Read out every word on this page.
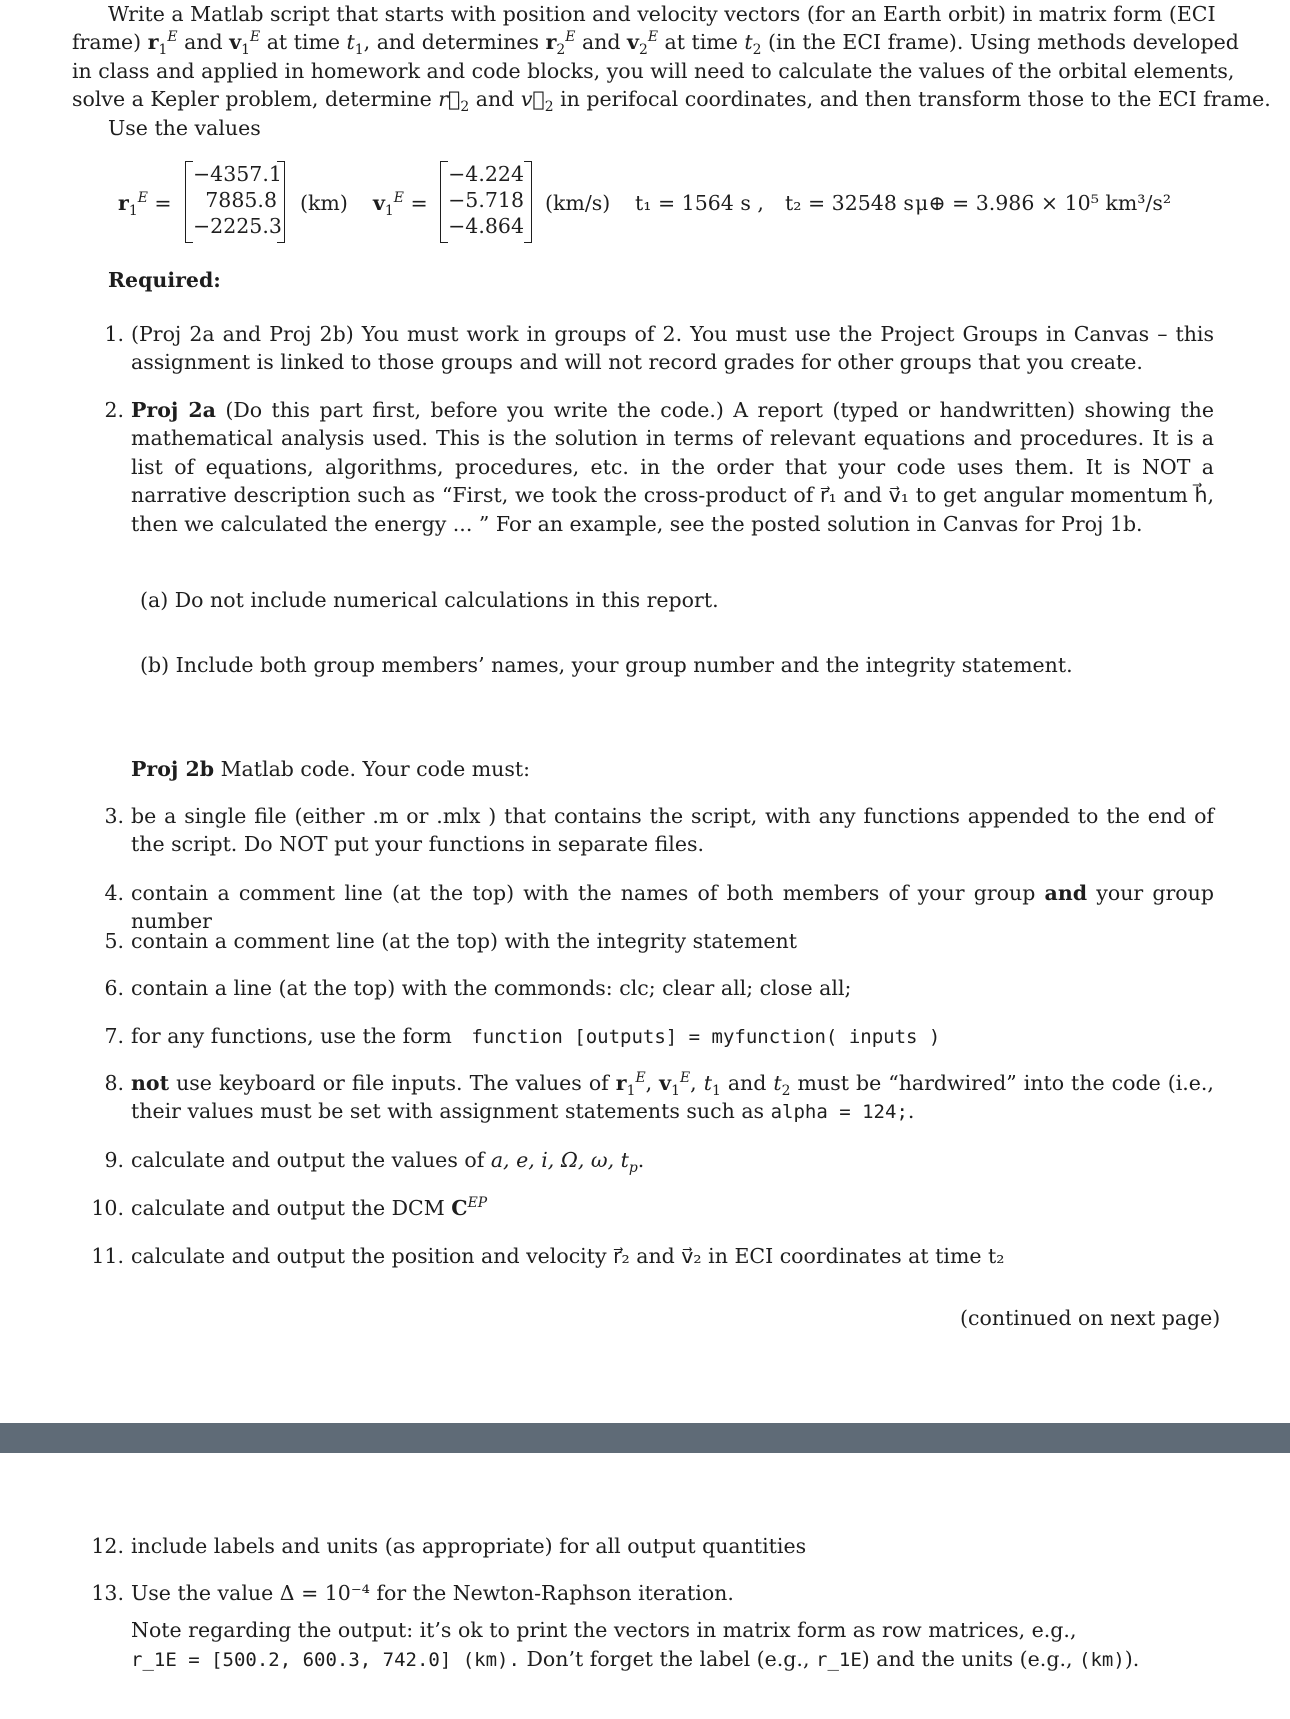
Write a Matlab script that starts with position and velocity vectors (for an Earth orbit) in matrix form (ECI
frame) $r_1^E$ and $v_1^E$ at time $t_1$, and determines $r_2^E$ and $v_2^E$ at time $t_2$ (in the ECI frame). Using methods developed
in class and applied in homework and code blocks, you will need to calculate the values of the orbital elements,
solve a Kepler problem, determine $r⃗_2$ and $v⃗_2$ in perifocal coordinates, and then transform those to the ECI frame.
Use the values
$r_1^E$ =
−4357.1
7885.8
−2225.3
(km) $v_1^E$ =
−4.224
−5.718
−4.864
(km/s) t₁ = 1564 s , t₂ = 32548 s μ⊕ = 3.986 × 10⁵ km³/s²
Required:
1. (Proj 2a and Proj 2b) You must work in groups of 2. You must use the Project Groups in Canvas – this assignment is linked to those groups and will not record grades for other groups that you create.
2. Proj 2a (Do this part first, before you write the code.) A report (typed or handwritten) showing the mathematical analysis used. This is the solution in terms of relevant equations and procedures. It is a list of equations, algorithms, procedures, etc. in the order that your code uses them. It is NOT a narrative description such as “First, we took the cross-product of r⃗₁ and v⃗₁ to get angular momentum h⃗, then we calculated the energy ... ” For an example, see the posted solution in Canvas for Proj 1b.
(a) Do not include numerical calculations in this report.
(b) Include both group members’ names, your group number and the integrity statement.
Proj 2b Matlab code. Your code must:
3. be a single file (either .m or .mlx ) that contains the script, with any functions appended to the end of the script. Do NOT put your functions in separate files.
4. contain a comment line (at the top) with the names of both members of your group and your group number
5. contain a comment line (at the top) with the integrity statement
6. contain a line (at the top) with the commonds: clc; clear all; close all;
7. for any functions, use the form function [outputs] = myfunction( inputs )
8. not use keyboard or file inputs. The values of $r_1^E$, $v_1^E$, $t_1$ and $t_2$ must be “hardwired” into the code (i.e., their values must be set with assignment statements such as alpha = 124;.
9. calculate and output the values of a, e, i, Ω, ω, $t_p$.
10. calculate and output the DCM $C^{EP}$
11. calculate and output the position and velocity r⃗₂ and v⃗₂ in ECI coordinates at time t₂
(continued on next page)
12. include labels and units (as appropriate) for all output quantities
13. Use the value Δ = 10⁻⁴ for the Newton-Raphson iteration.
Note regarding the output: it’s ok to print the vectors in matrix form as row matrices, e.g.,
r_1E = [500.2, 600.3, 742.0] (km). Don’t forget the label (e.g., r_1E) and the units (e.g., (km)).
